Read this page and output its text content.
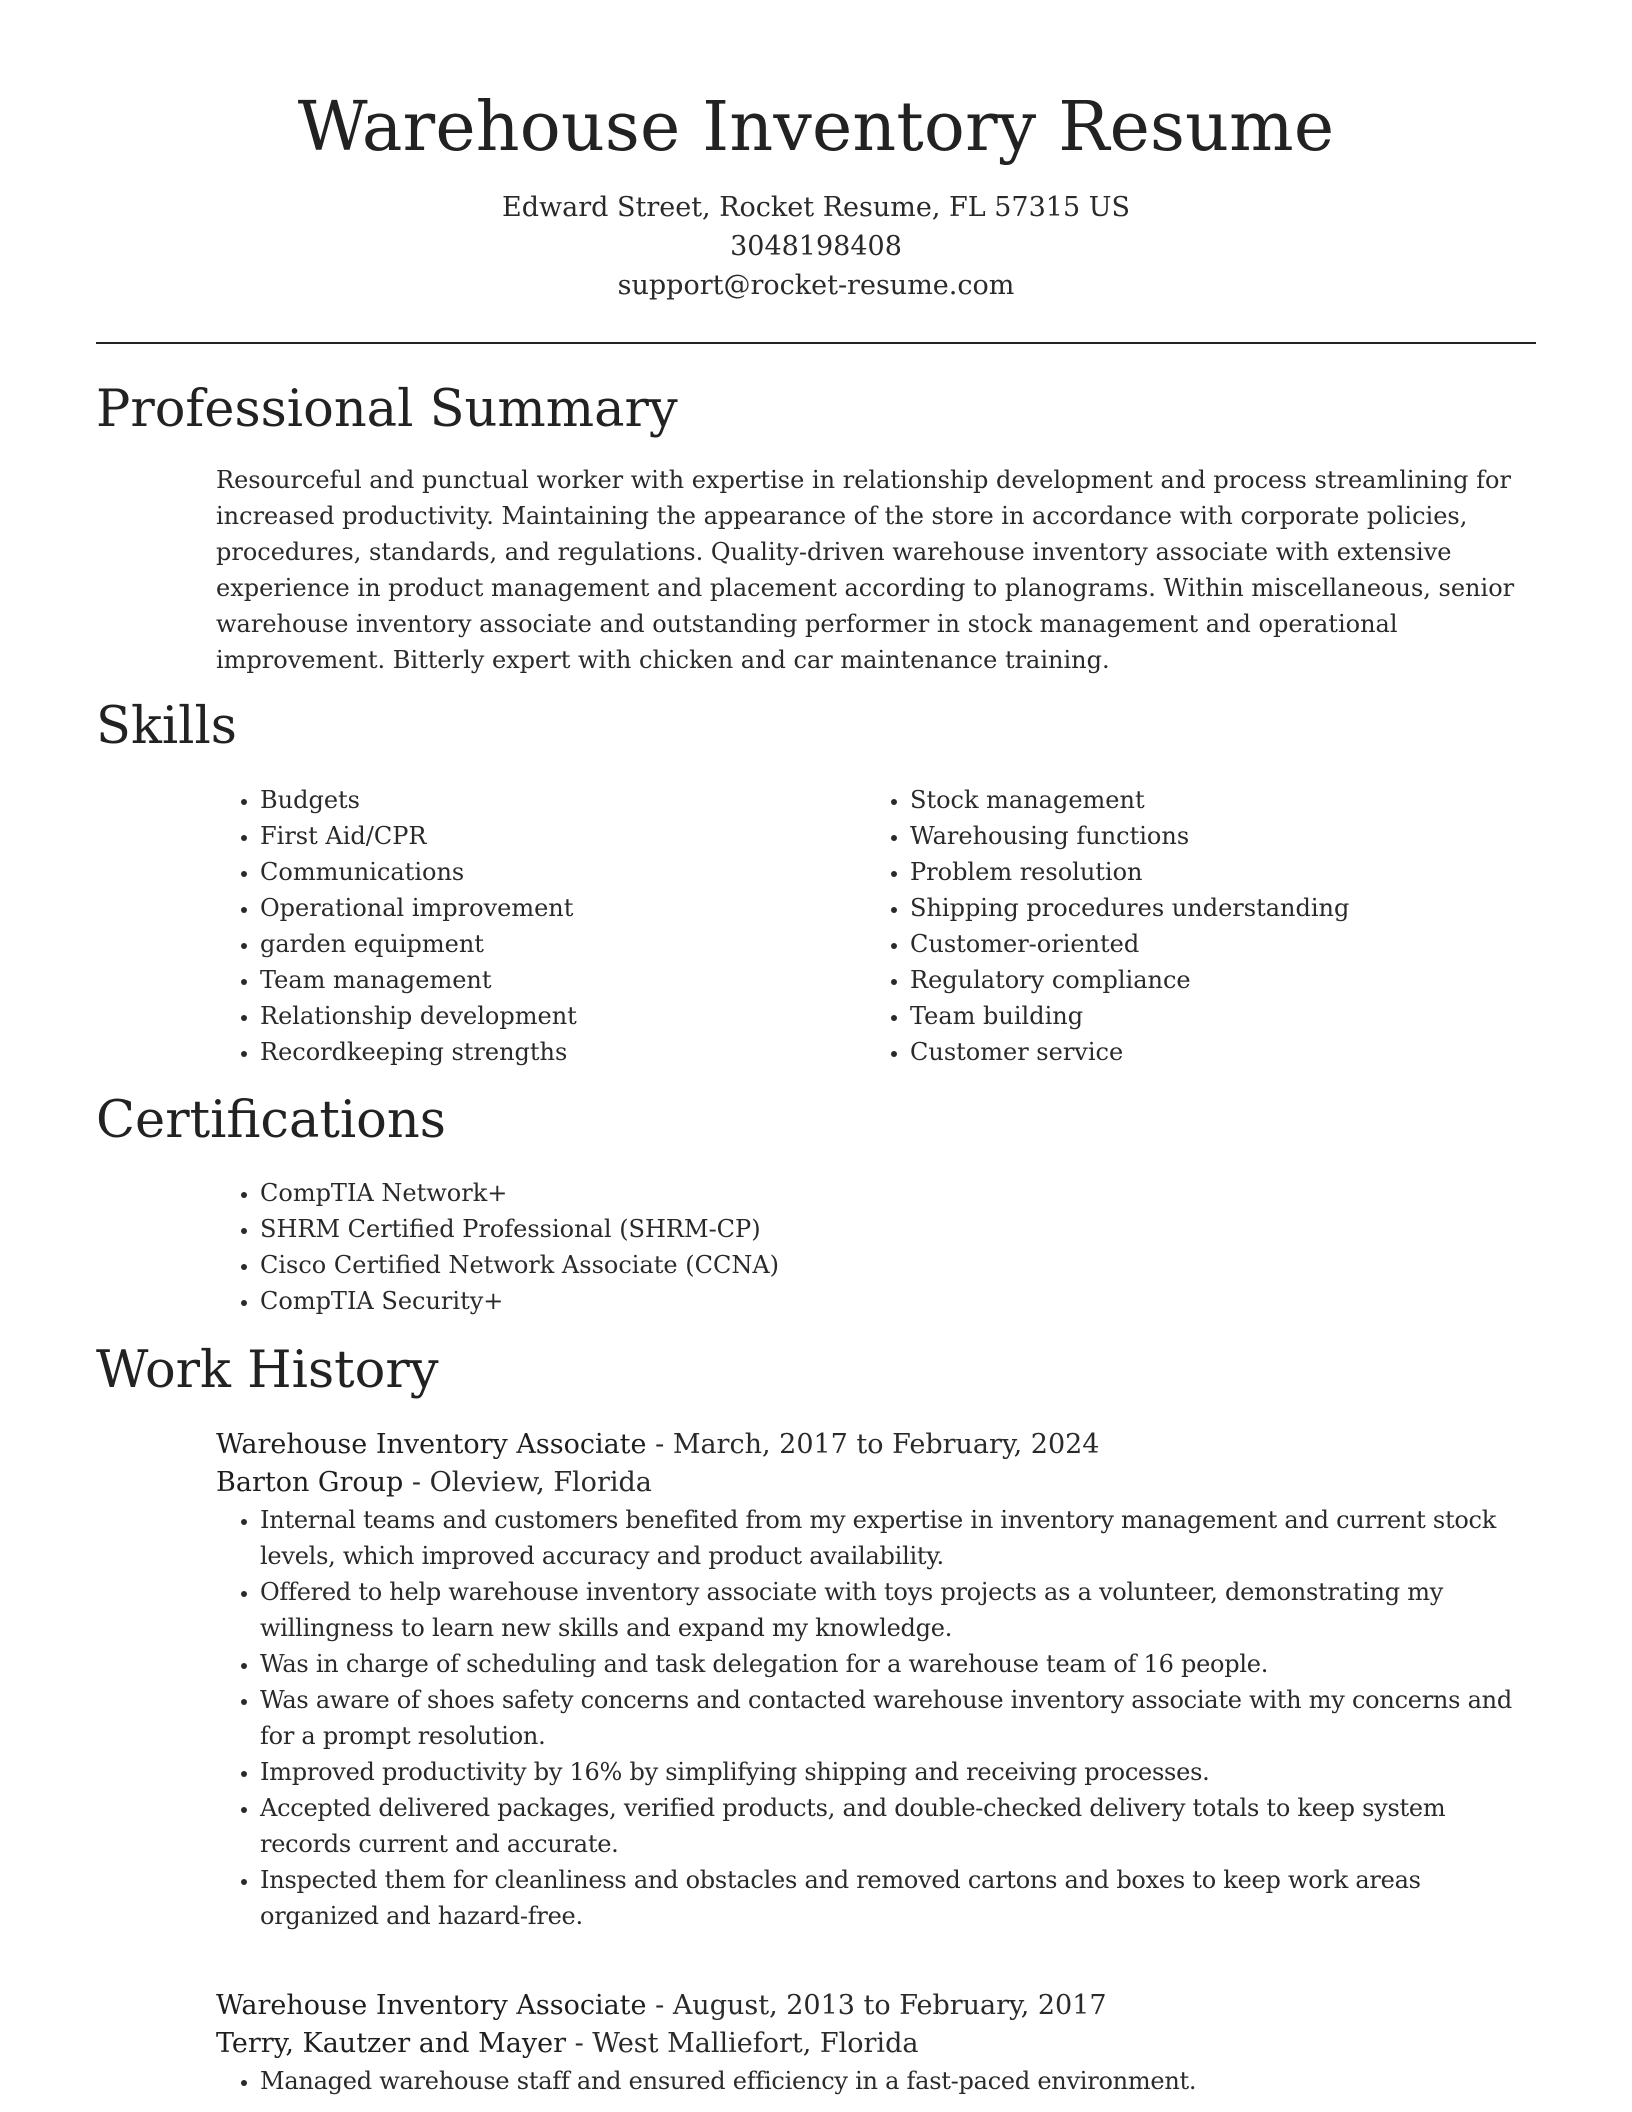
Warehouse Inventory Resume
Edward Street, Rocket Resume, FL 57315 US
3048198408
support@rocket-resume.com
Professional Summary

Resourceful and punctual worker with expertise in relationship development and process streamlining for increased productivity. Maintaining the appearance of the store in accordance with corporate policies, procedures, standards, and regulations. Quality-driven warehouse inventory associate with extensive experience in product management and placement according to planograms. Within miscellaneous, senior warehouse inventory associate and outstanding performer in stock management and operational improvement. Bitterly expert with chicken and car maintenance training.

Skills
• Budgets
• First Aid/CPR
• Communications
• Operational improvement
• garden equipment
• Team management
• Relationship development
• Recordkeeping strengths
• Stock management
• Warehousing functions
• Problem resolution
• Shipping procedures understanding
• Customer-oriented
• Regulatory compliance
• Team building
• Customer service
Certifications
• CompTIA Network+
• SHRM Certified Professional (SHRM-CP)
• Cisco Certified Network Associate (CCNA)
• CompTIA Security+
Work History
Warehouse Inventory Associate - March, 2017 to February, 2024
Barton Group - Oleview, Florida
• Internal teams and customers benefited from my expertise in inventory management and current stock levels, which improved accuracy and product availability.
• Offered to help warehouse inventory associate with toys projects as a volunteer, demonstrating my willingness to learn new skills and expand my knowledge.
• Was in charge of scheduling and task delegation for a warehouse team of 16 people.
• Was aware of shoes safety concerns and contacted warehouse inventory associate with my concerns and for a prompt resolution.
• Improved productivity by 16% by simplifying shipping and receiving processes.
• Accepted delivered packages, verified products, and double-checked delivery totals to keep system records current and accurate.
• Inspected them for cleanliness and obstacles and removed cartons and boxes to keep work areas organized and hazard-free.
Warehouse Inventory Associate - August, 2013 to February, 2017
Terry, Kautzer and Mayer - West Malliefort, Florida
• Managed warehouse staff and ensured efficiency in a fast-paced environment.
